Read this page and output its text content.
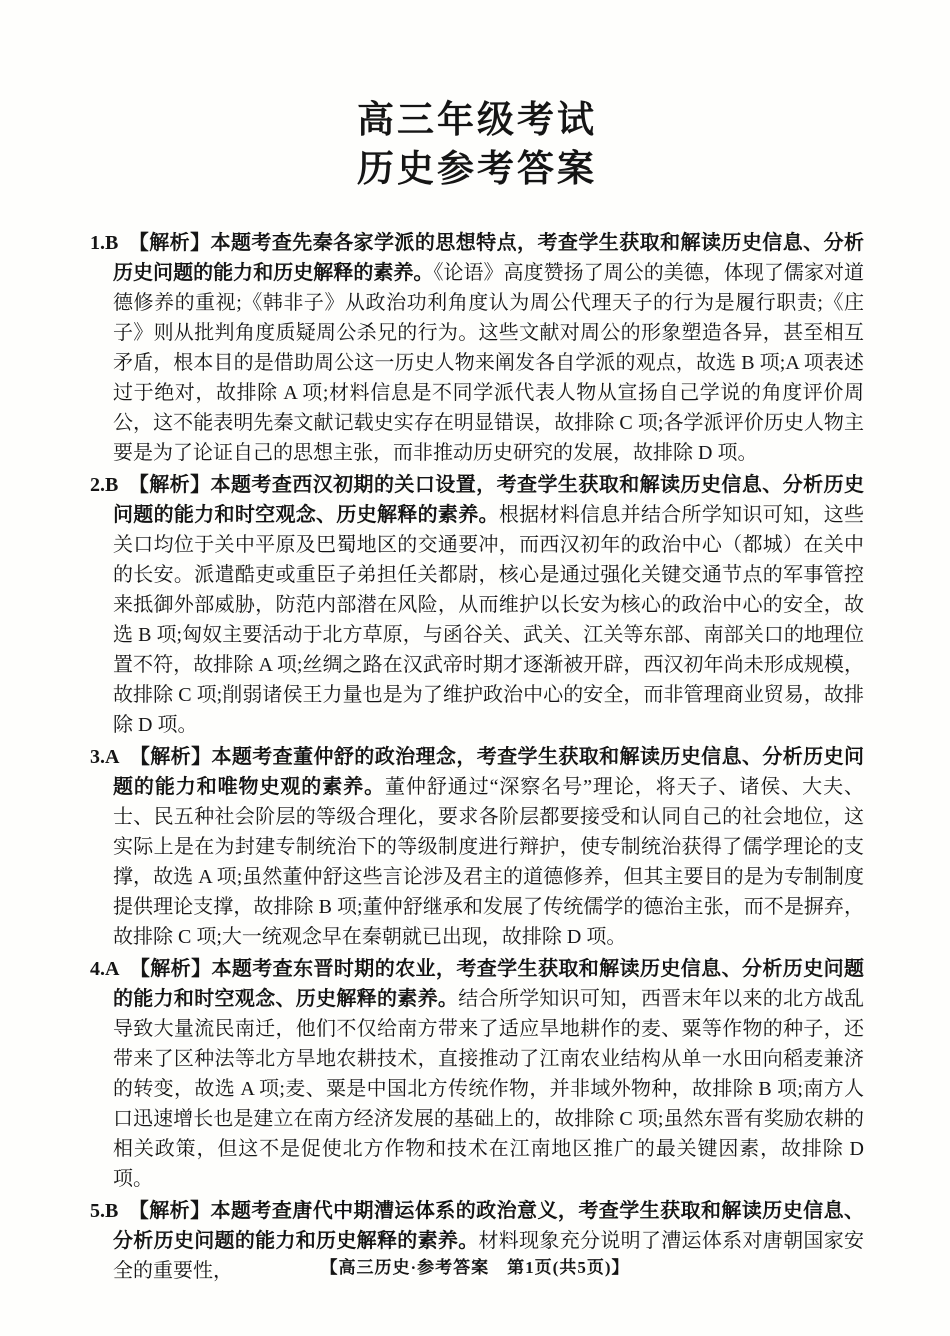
高三年级考试
历史参考答案
1.B 【解析】本题考查先秦各家学派的思想特点，考查学生获取和解读历史信息、分析历史问题的能力和历史解释的素养。《论语》高度赞扬了周公的美德，体现了儒家对道德修养的重视;《韩非子》从政治功利角度认为周公代理天子的行为是履行职责;《庄子》则从批判角度质疑周公杀兄的行为。这些文献对周公的形象塑造各异，甚至相互矛盾，根本目的是借助周公这一历史人物来阐发各自学派的观点，故选 B 项;A 项表述过于绝对，故排除 A 项;材料信息是不同学派代表人物从宣扬自己学说的角度评价周公，这不能表明先秦文献记载史实存在明显错误，故排除 C 项;各学派评价历史人物主要是为了论证自己的思想主张，而非推动历史研究的发展，故排除 D 项。
2.B 【解析】本题考查西汉初期的关口设置，考查学生获取和解读历史信息、分析历史问题的能力和时空观念、历史解释的素养。根据材料信息并结合所学知识可知，这些关口均位于关中平原及巴蜀地区的交通要冲，而西汉初年的政治中心（都城）在关中的长安。派遣酷吏或重臣子弟担任关都尉，核心是通过强化关键交通节点的军事管控来抵御外部威胁，防范内部潜在风险，从而维护以长安为核心的政治中心的安全，故选 B 项;匈奴主要活动于北方草原，与函谷关、武关、江关等东部、南部关口的地理位置不符，故排除 A 项;丝绸之路在汉武帝时期才逐渐被开辟，西汉初年尚未形成规模，故排除 C 项;削弱诸侯王力量也是为了维护政治中心的安全，而非管理商业贸易，故排除 D 项。
3.A 【解析】本题考查董仲舒的政治理念，考查学生获取和解读历史信息、分析历史问题的能力和唯物史观的素养。董仲舒通过“深察名号”理论，将天子、诸侯、大夫、士、民五种社会阶层的等级合理化，要求各阶层都要接受和认同自己的社会地位，这实际上是在为封建专制统治下的等级制度进行辩护，使专制统治获得了儒学理论的支撑，故选 A 项;虽然董仲舒这些言论涉及君主的道德修养，但其主要目的是为专制制度提供理论支撑，故排除 B 项;董仲舒继承和发展了传统儒学的德治主张，而不是摒弃，故排除 C 项;大一统观念早在秦朝就已出现，故排除 D 项。
4.A 【解析】本题考查东晋时期的农业，考查学生获取和解读历史信息、分析历史问题的能力和时空观念、历史解释的素养。结合所学知识可知，西晋末年以来的北方战乱导致大量流民南迁，他们不仅给南方带来了适应旱地耕作的麦、粟等作物的种子，还带来了区种法等北方旱地农耕技术，直接推动了江南农业结构从单一水田向稻麦兼济的转变，故选 A 项;麦、粟是中国北方传统作物，并非域外物种，故排除 B 项;南方人口迅速增长也是建立在南方经济发展的基础上的，故排除 C 项;虽然东晋有奖励农耕的相关政策，但这不是促使北方作物和技术在江南地区推广的最关键因素，故排除 D 项。
5.B 【解析】本题考查唐代中期漕运体系的政治意义，考查学生获取和解读历史信息、分析历史问题的能力和历史解释的素养。材料现象充分说明了漕运体系对唐朝国家安全的重要性，	【高三历史·参考答案　第1页(共5页)】
